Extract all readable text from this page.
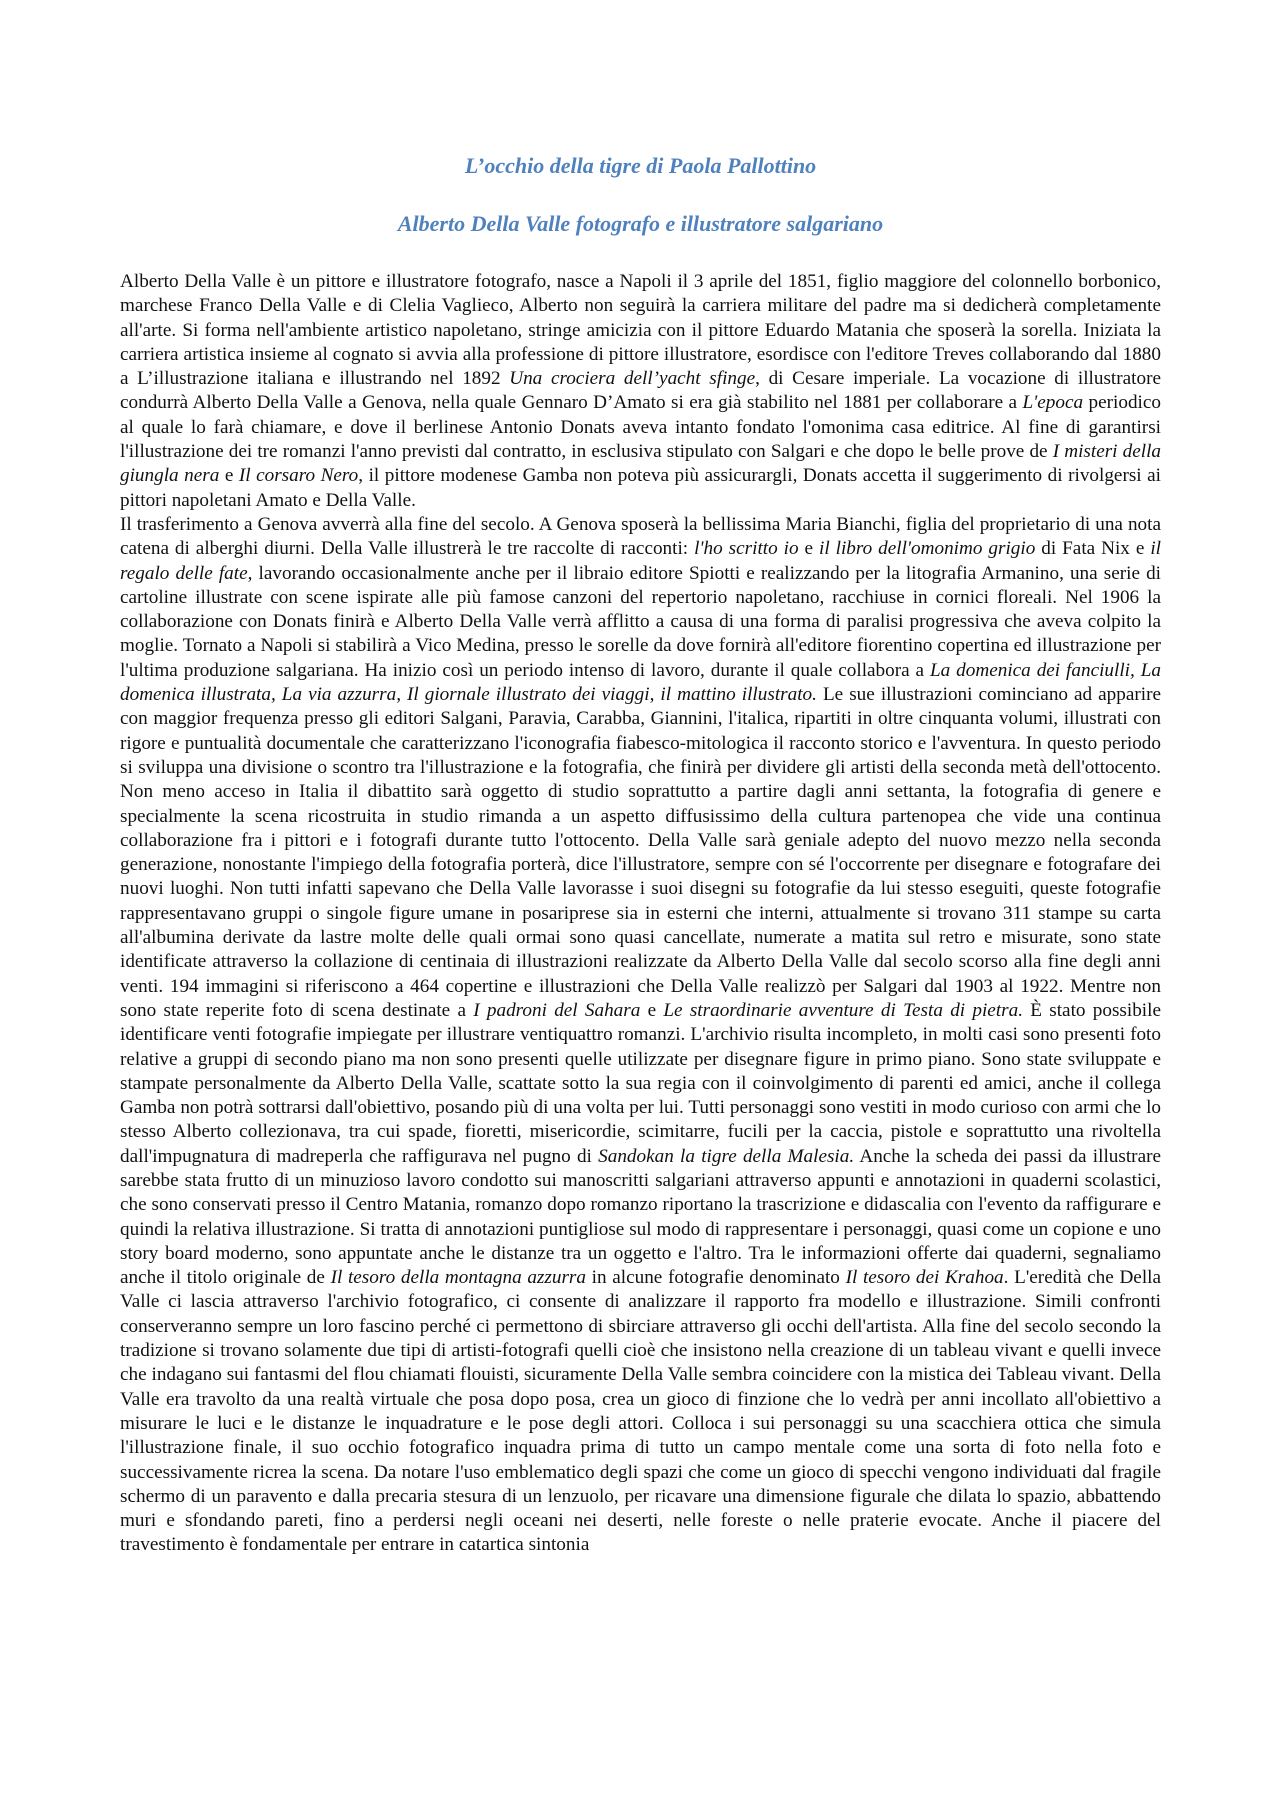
L’occhio della tigre di Paola Pallottino
Alberto Della Valle fotografo e illustratore salgariano

Alberto Della Valle è un pittore e illustratore fotografo, nasce a Napoli il 3 aprile del 1851, figlio maggiore del colonnello borbonico, marchese Franco Della Valle e di Clelia Vaglieco, Alberto non seguirà la carriera militare del padre ma si dedicherà completamente all'arte. Si forma nell'ambiente artistico napoletano, stringe amicizia con il pittore Eduardo Matania che sposerà la sorella. Iniziata la carriera artistica insieme al cognato si avvia alla professione di pittore illustratore, esordisce con l'editore Treves collaborando dal 1880 a L’illustrazione italiana e illustrando nel 1892 Una crociera dell’yacht sfinge, di Cesare imperiale. La vocazione di illustratore condurrà Alberto Della Valle a Genova, nella quale Gennaro D’Amato si era già stabilito nel 1881 per collaborare a L'epoca periodico al quale lo farà chiamare, e dove il berlinese Antonio Donats aveva intanto fondato l'omonima casa editrice. Al fine di garantirsi l'illustrazione dei tre romanzi l'anno previsti dal contratto, in esclusiva stipulato con Salgari e che dopo le belle prove de I misteri della giungla nera e Il corsaro Nero, il pittore modenese Gamba non poteva più assicurargli, Donats accetta il suggerimento di rivolgersi ai pittori napoletani Amato e Della Valle.

Il trasferimento a Genova avverrà alla fine del secolo. A Genova sposerà la bellissima Maria Bianchi, figlia del proprietario di una nota catena di alberghi diurni. Della Valle illustrerà le tre raccolte di racconti: l'ho scritto io e il libro dell'omonimo grigio di Fata Nix e il regalo delle fate, lavorando occasionalmente anche per il libraio editore Spiotti e realizzando per la litografia Armanino, una serie di cartoline illustrate con scene ispirate alle più famose canzoni del repertorio napoletano, racchiuse in cornici floreali. Nel 1906 la collaborazione con Donats finirà e Alberto Della Valle verrà afflitto a causa di una forma di paralisi progressiva che aveva colpito la moglie. Tornato a Napoli si stabilirà a Vico Medina, presso le sorelle da dove fornirà all'editore fiorentino copertina ed illustrazione per l'ultima produzione salgariana. Ha inizio così un periodo intenso di lavoro, durante il quale collabora a La domenica dei fanciulli, La domenica illustrata, La via azzurra, Il giornale illustrato dei viaggi, il mattino illustrato. Le sue illustrazioni cominciano ad apparire con maggior frequenza presso gli editori Salgani, Paravia, Carabba, Giannini, l'italica, ripartiti in oltre cinquanta volumi, illustrati con rigore e puntualità documentale che caratterizzano l'iconografia fiabesco-mitologica il racconto storico e l'avventura. In questo periodo si sviluppa una divisione o scontro tra l'illustrazione e la fotografia, che finirà per dividere gli artisti della seconda metà dell'ottocento. Non meno acceso in Italia il dibattito sarà oggetto di studio soprattutto a partire dagli anni settanta, la fotografia di genere e specialmente la scena ricostruita in studio rimanda a un aspetto diffusissimo della cultura partenopea che vide una continua collaborazione fra i pittori e i fotografi durante tutto l'ottocento. Della Valle sarà geniale adepto del nuovo mezzo nella seconda generazione, nonostante l'impiego della fotografia porterà, dice l'illustratore, sempre con sé l'occorrente per disegnare e fotografare dei nuovi luoghi. Non tutti infatti sapevano che Della Valle lavorasse i suoi disegni su fotografie da lui stesso eseguiti, queste fotografie rappresentavano gruppi o singole figure umane in posariprese sia in esterni che interni, attualmente si trovano 311 stampe su carta all'albumina derivate da lastre molte delle quali ormai sono quasi cancellate, numerate a matita sul retro e misurate, sono state identificate attraverso la collazione di centinaia di illustrazioni realizzate da Alberto Della Valle dal secolo scorso alla fine degli anni venti. 194 immagini si riferiscono a 464 copertine e illustrazioni che Della Valle realizzò per Salgari dal 1903 al 1922. Mentre non sono state reperite foto di scena destinate a I padroni del Sahara e Le straordinarie avventure di Testa di pietra. È stato possibile identificare venti fotografie impiegate per illustrare ventiquattro romanzi. L'archivio risulta incompleto, in molti casi sono presenti foto relative a gruppi di secondo piano ma non sono presenti quelle utilizzate per disegnare figure in primo piano. Sono state sviluppate e stampate personalmente da Alberto Della Valle, scattate sotto la sua regia con il coinvolgimento di parenti ed amici, anche il collega Gamba non potrà sottrarsi dall'obiettivo, posando più di una volta per lui. Tutti personaggi sono vestiti in modo curioso con armi che lo stesso Alberto collezionava, tra cui spade, fioretti, misericordie, scimitarre, fucili per la caccia, pistole e soprattutto una rivoltella dall'impugnatura di madreperla che raffigurava nel pugno di Sandokan la tigre della Malesia. Anche la scheda dei passi da illustrare sarebbe stata frutto di un minuzioso lavoro condotto sui manoscritti salgariani attraverso appunti e annotazioni in quaderni scolastici, che sono conservati presso il Centro Matania, romanzo dopo romanzo riportano la trascrizione e didascalia con l'evento da raffigurare e quindi la relativa illustrazione. Si tratta di annotazioni puntigliose sul modo di rappresentare i personaggi, quasi come un copione e uno story board moderno, sono appuntate anche le distanze tra un oggetto e l'altro. Tra le informazioni offerte dai quaderni, segnaliamo anche il titolo originale de Il tesoro della montagna azzurra in alcune fotografie denominato Il tesoro dei Krahoa. L'eredità che Della Valle ci lascia attraverso l'archivio fotografico, ci consente di analizzare il rapporto fra modello e illustrazione. Simili confronti conserveranno sempre un loro fascino perché ci permettono di sbirciare attraverso gli occhi dell'artista. Alla fine del secolo secondo la tradizione si trovano solamente due tipi di artisti-fotografi quelli cioè che insistono nella creazione di un tableau vivant e quelli invece che indagano sui fantasmi del flou chiamati flouisti, sicuramente Della Valle sembra coincidere con la mistica dei Tableau vivant. Della Valle era travolto da una realtà virtuale che posa dopo posa, crea un gioco di finzione che lo vedrà per anni incollato all'obiettivo a misurare le luci e le distanze le inquadrature e le pose degli attori. Colloca i sui personaggi su una scacchiera ottica che simula l'illustrazione finale, il suo occhio fotografico inquadra prima di tutto un campo mentale come una sorta di foto nella foto e successivamente ricrea la scena. Da notare l'uso emblematico degli spazi che come un gioco di specchi vengono individuati dal fragile schermo di un paravento e dalla precaria stesura di un lenzuolo, per ricavare una dimensione figurale che dilata lo spazio, abbattendo muri e sfondando pareti, fino a perdersi negli oceani nei deserti, nelle foreste o nelle praterie evocate. Anche il piacere del travestimento è fondamentale per entrare in catartica sintonia
